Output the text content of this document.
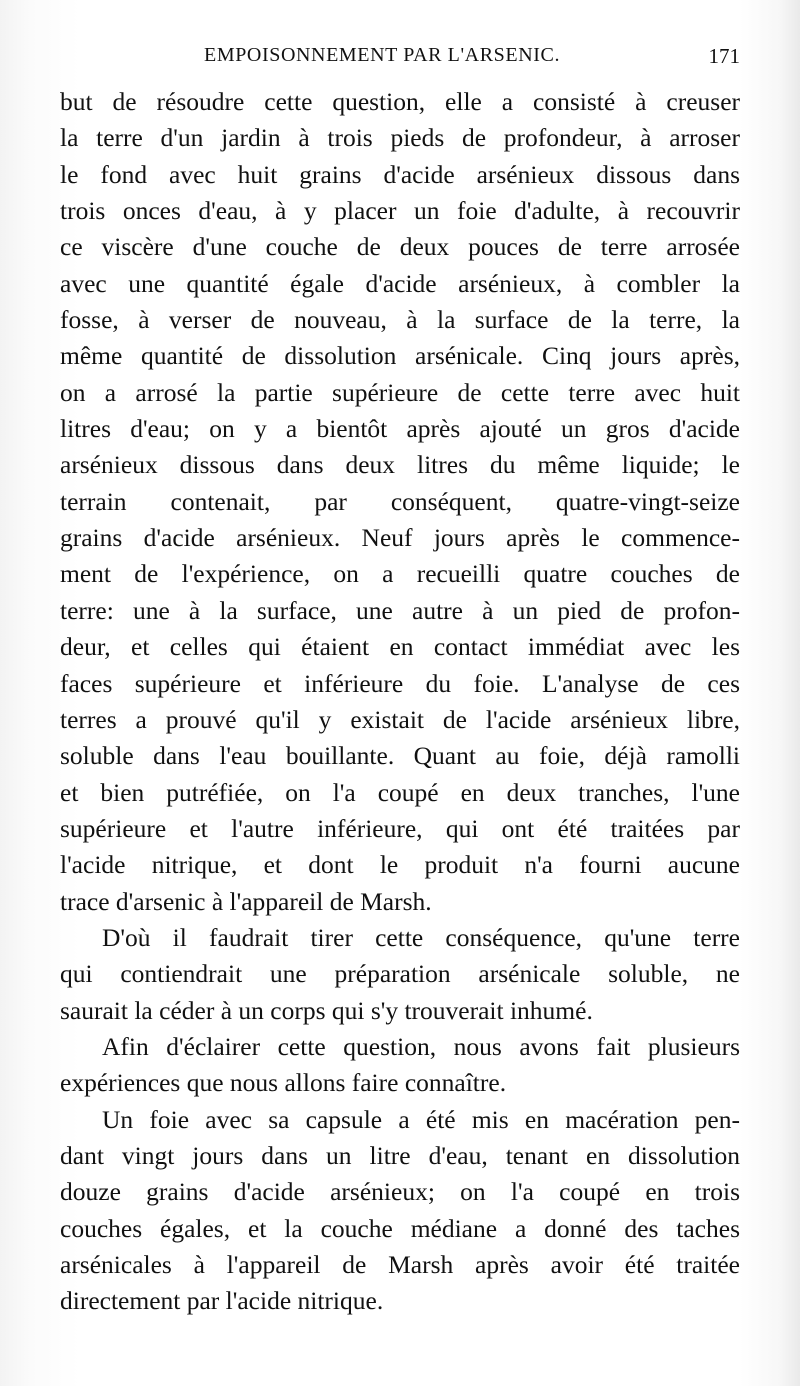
EMPOISONNEMENT PAR L'ARSENIC.	171
but de résoudre cette question, elle a consisté à creuser
la terre d'un jardin à trois pieds de profondeur, à arroser
le fond avec huit grains d'acide arsénieux dissous dans
trois onces d'eau, à y placer un foie d'adulte, à recouvrir
ce viscère d'une couche de deux pouces de terre arrosée
avec une quantité égale d'acide arsénieux, à combler la
fosse, à verser de nouveau, à la surface de la terre, la
même quantité de dissolution arsénicale. Cinq jours après,
on a arrosé la partie supérieure de cette terre avec huit
litres d'eau; on y a bientôt après ajouté un gros d'acide
arsénieux dissous dans deux litres du même liquide; le
terrain contenait, par conséquent, quatre-vingt-seize
grains d'acide arsénieux. Neuf jours après le commence-
ment de l'expérience, on a recueilli quatre couches de
terre: une à la surface, une autre à un pied de profon-
deur, et celles qui étaient en contact immédiat avec les
faces supérieure et inférieure du foie. L'analyse de ces
terres a prouvé qu'il y existait de l'acide arsénieux libre,
soluble dans l'eau bouillante. Quant au foie, déjà ramolli
et bien putréfiée, on l'a coupé en deux tranches, l'une
supérieure et l'autre inférieure, qui ont été traitées par
l'acide nitrique, et dont le produit n'a fourni aucune
trace d'arsenic à l'appareil de Marsh.
D'où il faudrait tirer cette conséquence, qu'une terre
qui contiendrait une préparation arsénicale soluble, ne
saurait la céder à un corps qui s'y trouverait inhumé.
Afin d'éclairer cette question, nous avons fait plusieurs
expériences que nous allons faire connaître.
Un foie avec sa capsule a été mis en macération pen-
dant vingt jours dans un litre d'eau, tenant en dissolution
douze grains d'acide arsénieux; on l'a coupé en trois
couches égales, et la couche médiane a donné des taches
arsénicales à l'appareil de Marsh après avoir été traitée
directement par l'acide nitrique.
